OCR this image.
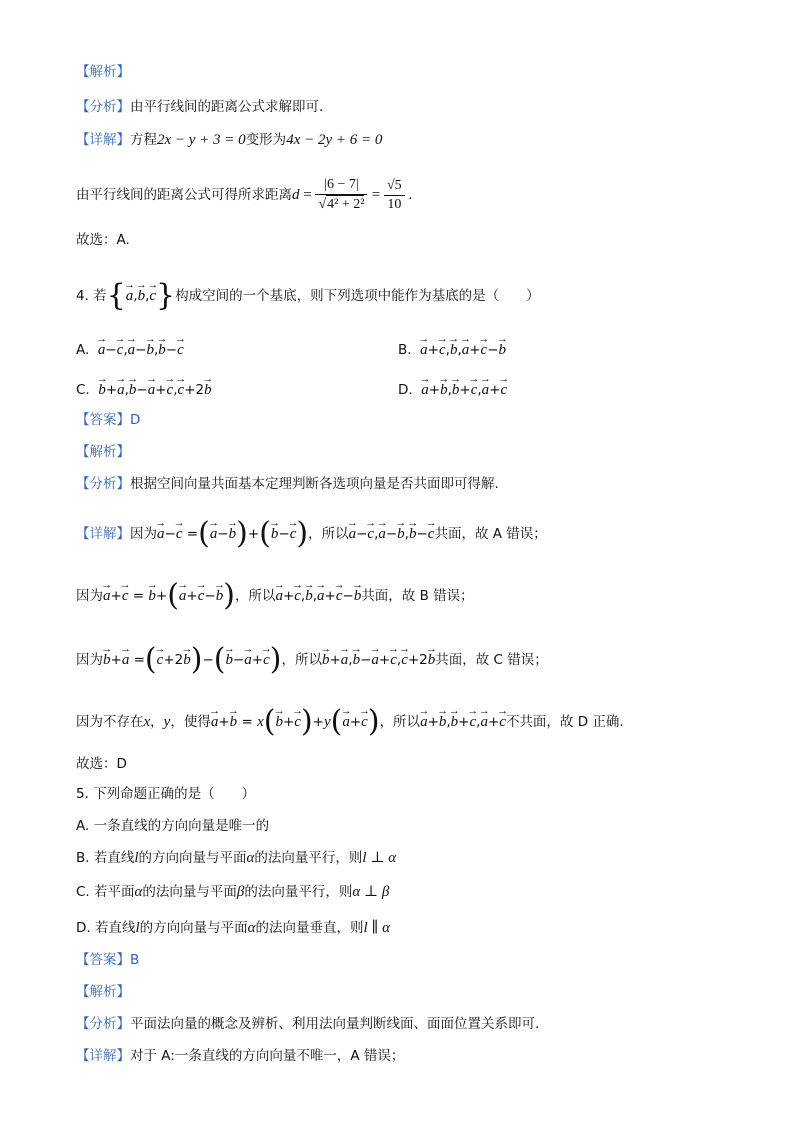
【解析】
【分析】由平行线间的距离公式求解即可.
【详解】方程2x − y + 3 = 0变形为4x − 2y + 6 = 0
由平行线间的距离公式可得所求距离$d = \frac{|6 - 7|}{\text{√4² + 2²}} = \frac{√5}{10}$ .
故选：A.
4. 若{→ a,→ b,→ c}构成空间的一个基底，则下列选项中能作为基底的是（　　）
A. → a−→ c,→ a−→ b,→ b−→ c	B. → a+→ c,→ b,→ a+→ c−→ b
C. → b+→ a,→ b−→ a+→ c,→ c+2→ b	D. → a+→ b,→ b+→ c,→ a+→ c
【答案】D
【解析】
【分析】根据空间向量共面基本定理判断各选项向量是否共面即可得解.
【详解】因为→ a−→ c =(→ a−→ b)+(→ b−→ c)，所以→ a−→ c,→ a−→ b,→ b−→ c共面，故 A 错误；
因为→ a+→ c = → b+(→ a+→ c−→ b)，所以→ a+→ c,→ b,→ a+→ c−→ b共面，故 B 错误；
因为→ b+→ a =(→ c+2→ b)−(→ b−→ a+→ c)，所以→ b+→ a,→ b−→ a+→ c,→ c+2→ b共面，故 C 错误；
因为不存在x，y，使得→ a+→ b = x(→ b+→ c)+y(→ a+→ c)，所以→ a+→ b,→ b+→ c,→ a+→ c不共面，故 D 正确.
故选：D
5. 下列命题正确的是（　　）
A. 一条直线的方向向量是唯一的
B. 若直线l的方向向量与平面α的法向量平行，则l ⊥ α
C. 若平面α的法向量与平面β的法向量平行，则α ⊥ β
D. 若直线l的方向向量与平面α的法向量垂直，则l ∥ α
【答案】B
【解析】
【分析】平面法向量的概念及辨析、利用法向量判断线面、面面位置关系即可.
【详解】对于 A:一条直线的方向向量不唯一，A 错误；
